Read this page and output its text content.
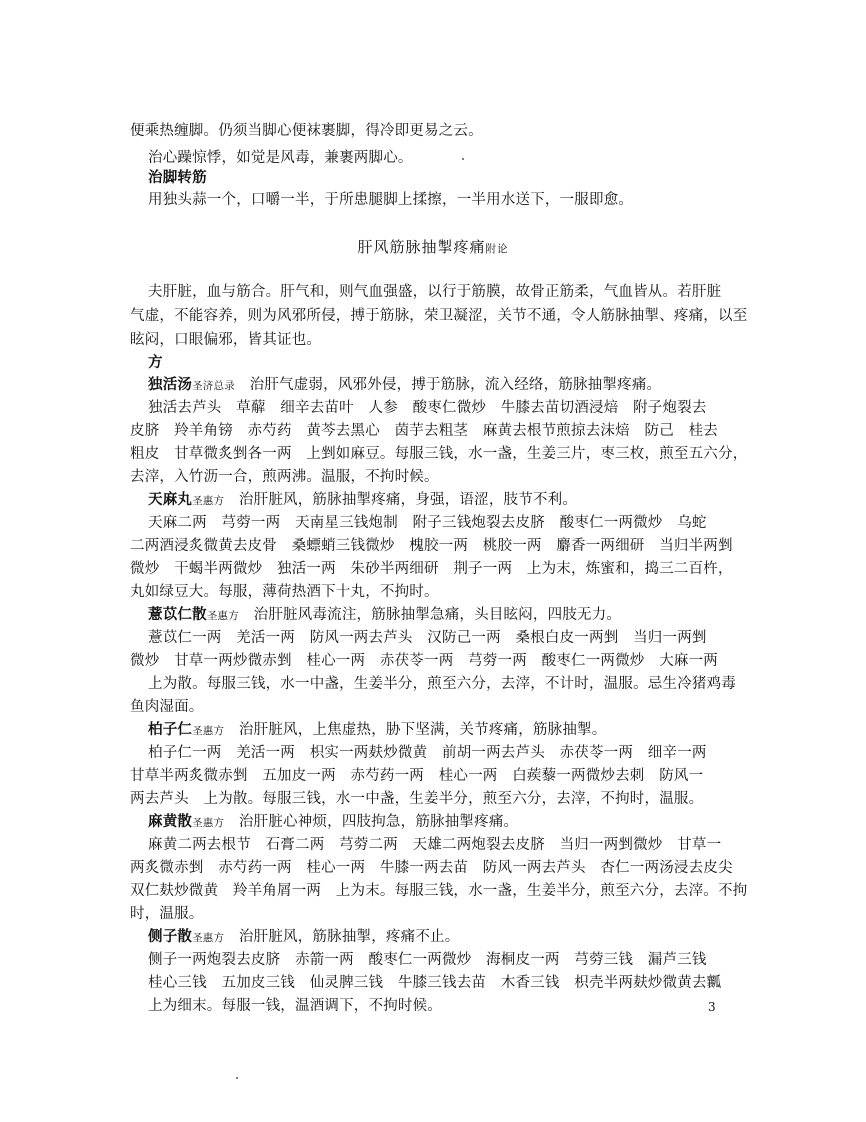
便乘热缠脚。仍须当脚心便袜裹脚，得冷即更易之云。
治心躁惊悸，如觉是风毒，兼裹两脚心。
治脚转筋
用独头蒜一个，口嚼一半，于所患腿脚上揉擦，一半用水送下，一服即愈。
肝风筋脉抽掣疼痛附论
夫肝脏，血与筋合。肝气和，则气血强盛，以行于筋膜，故骨正筋柔，气血皆从。若肝脏
气虚，不能容养，则为风邪所侵，搏于筋脉，荣卫凝涩，关节不通，令人筋脉抽掣、疼痛，以至
眩闷，口眼偏邪，皆其证也。
方
独活汤圣济总录　 治肝气虚弱，风邪外侵，搏于筋脉，流入经络，筋脉抽掣疼痛。
独活去芦头　草薢　细辛去苗叶　人参　酸枣仁微炒　牛膝去苗切酒浸焙　附子炮裂去
皮脐　羚羊角镑　赤芍药　黄芩去黑心　茵芋去粗茎　麻黄去根节煎掠去沫焙　防己　桂去
粗皮　甘草微炙剉各一两　上剉如麻豆。每服三钱，水一盏，生姜三片，枣三枚，煎至五六分，
去滓，入竹沥一合，煎两沸。温服，不拘时候。
天麻丸圣惠方　 治肝脏风，筋脉抽掣疼痛，身强，语涩，肢节不利。
天麻二两　芎䓖一两　天南星三钱炮制　附子三钱炮裂去皮脐　酸枣仁一两微炒　乌蛇
二两酒浸炙微黄去皮骨　桑螵蛸三钱微炒　槐胶一两　桃胶一两　麝香一两细研　当归半两剉
微炒　干蝎半两微炒　独活一两　朱砂半两细研　荆子一两　上为末，炼蜜和，捣三二百杵，
丸如绿豆大。每服，薄荷热酒下十丸，不拘时。
薏苡仁散圣惠方　 治肝脏风毒流注，筋脉抽掣急痛，头目眩闷，四肢无力。
薏苡仁一两　羌活一两　防风一两去芦头　汉防己一两　桑根白皮一两剉　当归一两剉
微炒　甘草一两炒微赤剉　桂心一两　赤茯苓一两　芎䓖一两　酸枣仁一两微炒　大麻一两
上为散。每服三钱，水一中盏，生姜半分，煎至六分，去滓，不计时，温服。忌生冷猪鸡毒
鱼肉湿面。
柏子仁圣惠方　 治肝脏风，上焦虚热，胁下坚满，关节疼痛，筋脉抽掣。
柏子仁一两　羌活一两　枳实一两麸炒微黄　前胡一两去芦头　赤茯苓一两　细辛一两
甘草半两炙微赤剉　五加皮一两　赤芍药一两　桂心一两　白蒺藜一两微炒去刺　防风一
两去芦头　上为散。每服三钱，水一中盏，生姜半分，煎至六分，去滓，不拘时，温服。
麻黄散圣惠方　 治肝脏心神烦，四肢拘急，筋脉抽掣疼痛。
麻黄二两去根节　石膏二两　芎䓖二两　天雄二两炮裂去皮脐　当归一两剉微炒　甘草一
两炙微赤剉　赤芍药一两　桂心一两　牛膝一两去苗　防风一两去芦头　杏仁一两汤浸去皮尖
双仁麸炒微黄　羚羊角屑一两　上为末。每服三钱，水一盏，生姜半分，煎至六分，去滓。不拘
时，温服。
侧子散圣惠方　 治肝脏风，筋脉抽掣，疼痛不止。
侧子一两炮裂去皮脐　赤箭一两　酸枣仁一两微炒　海桐皮一两　芎䓖三钱　漏芦三钱
桂心三钱　五加皮三钱　仙灵脾三钱　牛膝三钱去苗　木香三钱　枳壳半两麸炒微黄去瓤
上为细末。每服一钱，温酒调下，不拘时候。	3
